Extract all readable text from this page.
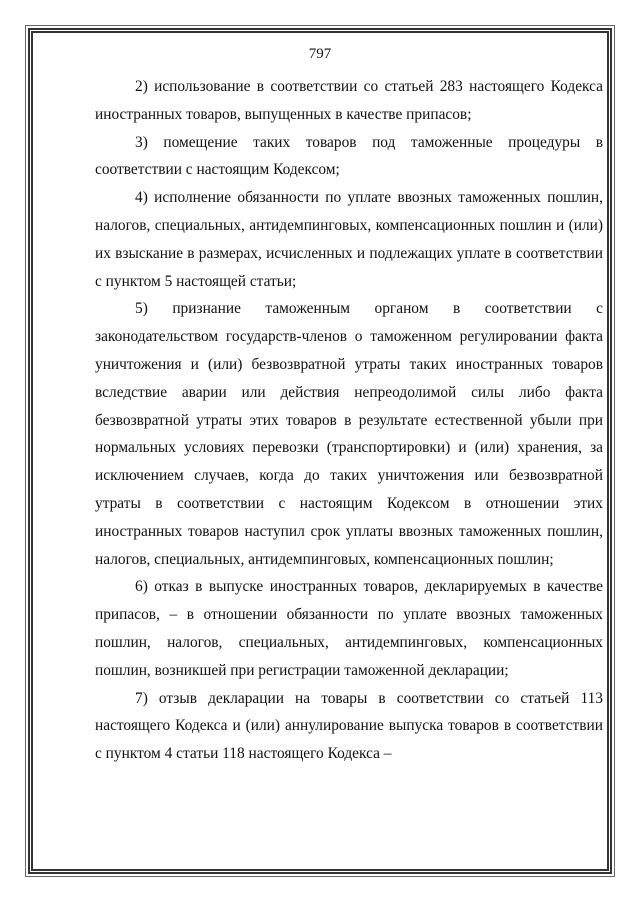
797

2) использование в соответствии со статьей 283 настоящего Кодекса иностранных товаров, выпущенных в качестве припасов;

3) помещение таких товаров под таможенные процедуры в соответствии с настоящим Кодексом;

4) исполнение обязанности по уплате ввозных таможенных пошлин, налогов, специальных, антидемпинговых, компенсационных пошлин и (или) их взыскание в размерах, исчисленных и подлежащих уплате в соответствии с пунктом 5 настоящей статьи;

5) признание таможенным органом в соответствии с законодательством государств-членов о таможенном регулировании факта уничтожения и (или) безвозвратной утраты таких иностранных товаров вследствие аварии или действия непреодолимой силы либо факта безвозвратной утраты этих товаров в результате естественной убыли при нормальных условиях перевозки (транспортировки) и (или) хранения, за исключением случаев, когда до таких уничтожения или безвозвратной утраты в соответствии с настоящим Кодексом в отношении этих иностранных товаров наступил срок уплаты ввозных таможенных пошлин, налогов, специальных, антидемпинговых, компенсационных пошлин;

6) отказ в выпуске иностранных товаров, декларируемых в качестве припасов, – в отношении обязанности по уплате ввозных таможенных пошлин, налогов, специальных, антидемпинговых, компенсационных пошлин, возникшей при регистрации таможенной декларации;

7) отзыв декларации на товары в соответствии со статьей 113 настоящего Кодекса и (или) аннулирование выпуска товаров в соответствии с пунктом 4 статьи 118 настоящего Кодекса –
